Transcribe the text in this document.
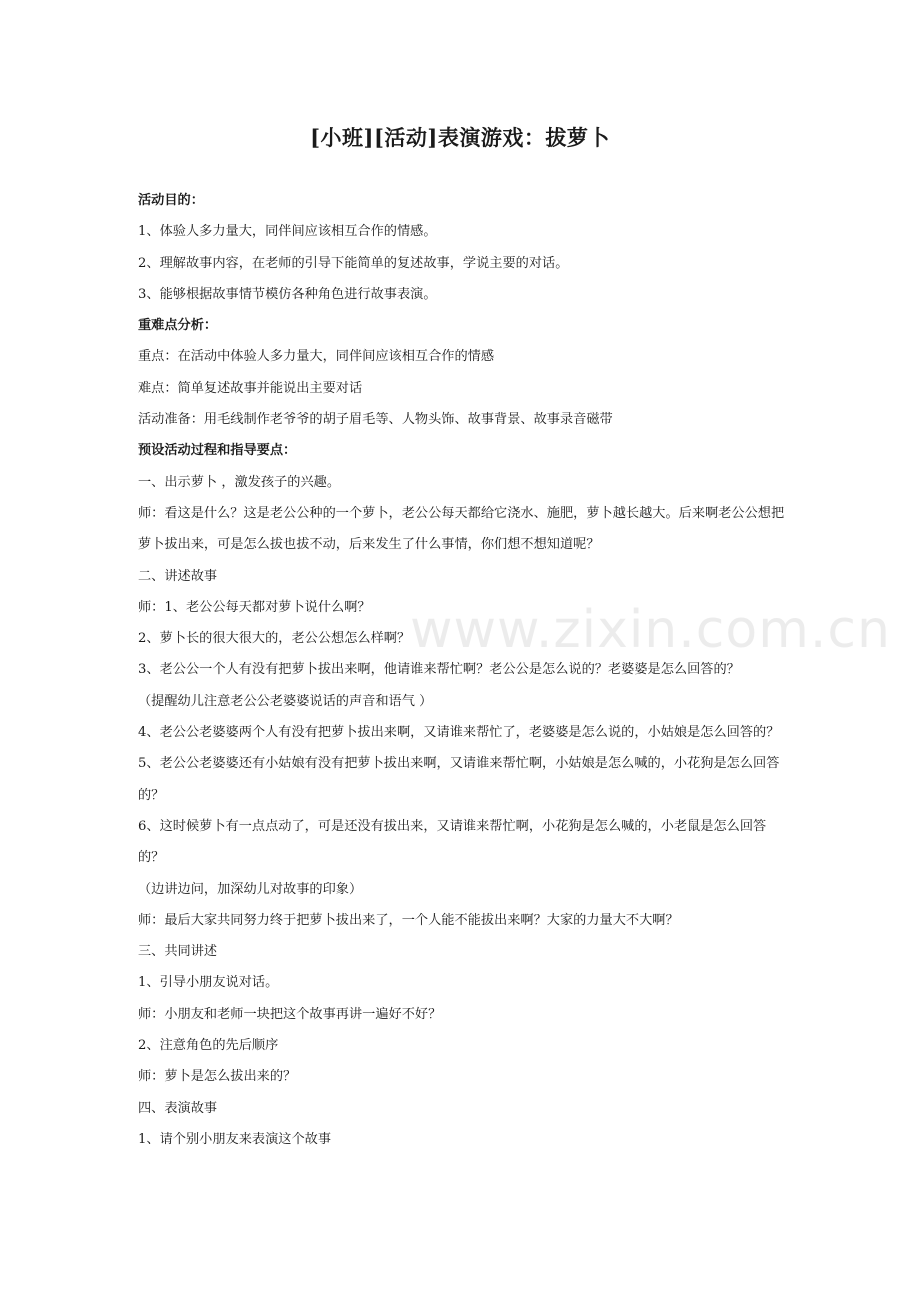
[小班][活动]表演游戏：拔萝卜

活动目的：

1、体验人多力量大，同伴间应该相互合作的情感。

2、理解故事内容，在老师的引导下能简单的复述故事，学说主要的对话。

3、能够根据故事情节模仿各种角色进行故事表演。

重难点分析：

重点：在活动中体验人多力量大，同伴间应该相互合作的情感

难点：简单复述故事并能说出主要对话

活动准备：用毛线制作老爷爷的胡子眉毛等、人物头饰、故事背景、故事录音磁带

预设活动过程和指导要点：

一、出示萝卜 ，激发孩子的兴趣。

师：看这是什么？这是老公公种的一个萝卜，老公公每天都给它浇水、施肥，萝卜越长越大。后来啊老公公想把萝卜拔出来，可是怎么拔也拔不动，后来发生了什么事情，你们想不想知道呢？

二、讲述故事

师：1、老公公每天都对萝卜说什么啊？

2、萝卜长的很大很大的，老公公想怎么样啊？

3、老公公一个人有没有把萝卜拔出来啊，他请谁来帮忙啊？老公公是怎么说的？老婆婆是怎么回答的？

（提醒幼儿注意老公公老婆婆说话的声音和语气 ）

4、老公公老婆婆两个人有没有把萝卜拔出来啊，又请谁来帮忙了，老婆婆是怎么说的，小姑娘是怎么回答的？

5、老公公老婆婆还有小姑娘有没有把萝卜拔出来啊，又请谁来帮忙啊，小姑娘是怎么喊的，小花狗是怎么回答的？

6、这时候萝卜有一点点动了，可是还没有拔出来，又请谁来帮忙啊，小花狗是怎么喊的，小老鼠是怎么回答的？

（边讲边问，加深幼儿对故事的印象）

师：最后大家共同努力终于把萝卜拔出来了，一个人能不能拔出来啊？大家的力量大不大啊？

三、共同讲述

1、引导小朋友说对话。

师：小朋友和老师一块把这个故事再讲一遍好不好？

2、注意角色的先后顺序

师：萝卜是怎么拔出来的？

四、表演故事

1、请个别小朋友来表演这个故事

www.zixin.com.cn
